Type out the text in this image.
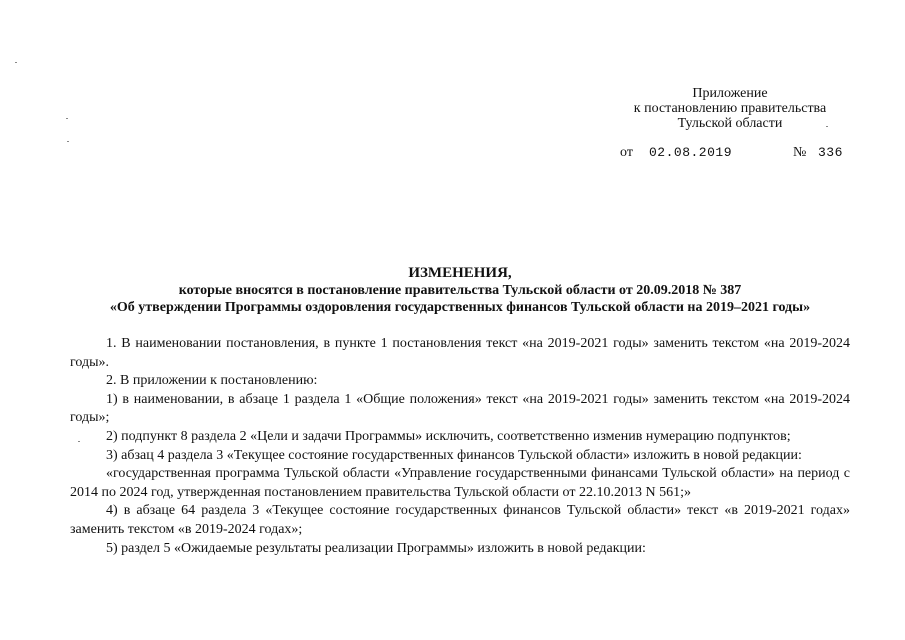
Приложение
к постановлению правительства
Тульской области
от 02.08.2019	№ 336
ИЗМЕНЕНИЯ,
которые вносятся в постановление правительства Тульской области от 20.09.2018 № 387
«Об утверждении Программы оздоровления государственных финансов Тульской области на 2019–2021 годы»

1. В наименовании постановления, в пункте 1 постановления текст «на 2019-2021 годы» заменить текстом «на 2019-2024 годы».

2. В приложении к постановлению:

1) в наименовании, в абзаце 1 раздела 1 «Общие положения» текст «на 2019-2021 годы» заменить текстом «на 2019-2024 годы»;

2) подпункт 8 раздела 2 «Цели и задачи Программы» исключить, соответственно изменив нумерацию подпунктов;

3) абзац 4 раздела 3 «Текущее состояние государственных финансов Тульской области» изложить в новой редакции:

«государственная программа Тульской области «Управление государственными финансами Тульской области» на период с 2014 по 2024 год, утвержденная постановлением правительства Тульской области от 22.10.2013 N 561;»

4) в абзаце 64 раздела 3 «Текущее состояние государственных финансов Тульской области» текст «в 2019-2021 годах» заменить текстом «в 2019-2024 годах»;

5) раздел 5 «Ожидаемые результаты реализации Программы» изложить в новой редакции:
